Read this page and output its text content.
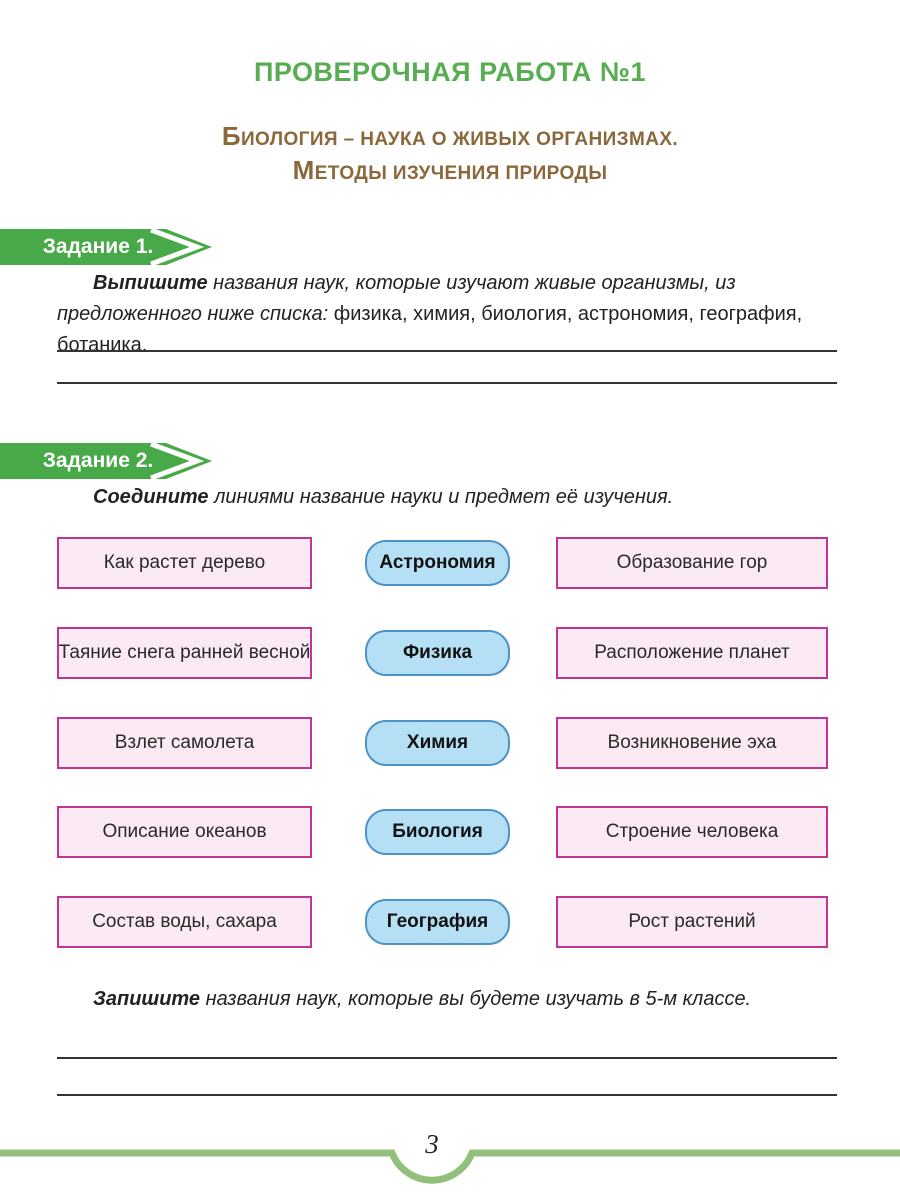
ПРОВЕРОЧНАЯ РАБОТА №1
БИОЛОГИЯ – НАУКА О ЖИВЫХ ОРГАНИЗМАХ.
МЕТОДЫ ИЗУЧЕНИЯ ПРИРОДЫ
Задание 1.
Выпишите названия наук, которые изучают живые организмы, из предложенного ниже списка: физика, химия, биология, астрономия, география, ботаника.
Задание 2.
Соедините линиями название науки и предмет её изучения.
Как растет дерево	Астрономия	Образование гор
Таяние снега ранней весной	Физика	Расположение планет
Взлет самолета	Химия	Возникновение эха
Описание океанов	Биология	Строение человека
Состав воды, сахара	География	Рост растений
Запишите названия наук, которые вы будете изучать в 5-м классе.
3
